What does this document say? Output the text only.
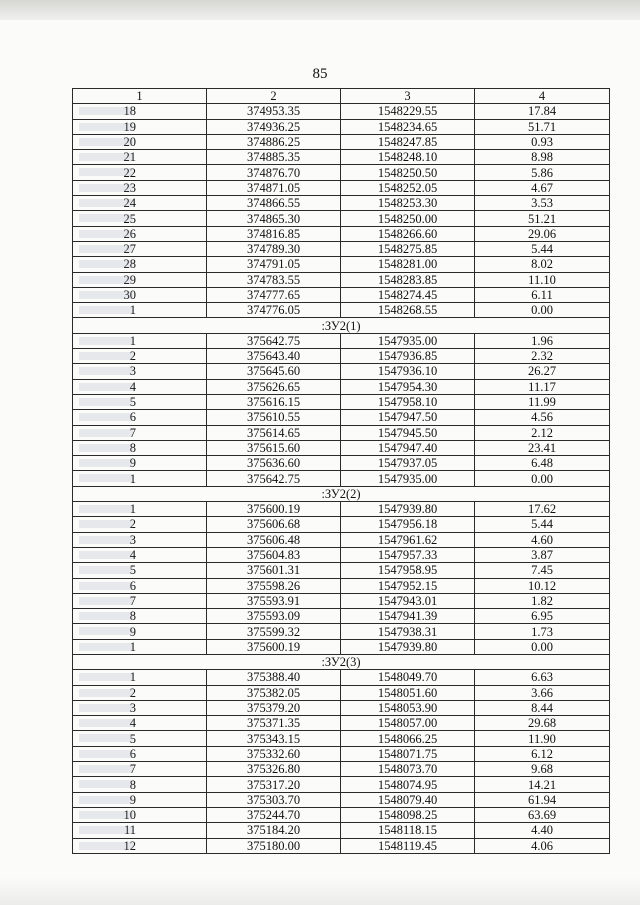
85
1	2	3	4
18	374953.35	1548229.55	17.84
19	374936.25	1548234.65	51.71
20	374886.25	1548247.85	0.93
21	374885.35	1548248.10	8.98
22	374876.70	1548250.50	5.86
23	374871.05	1548252.05	4.67
24	374866.55	1548253.30	3.53
25	374865.30	1548250.00	51.21
26	374816.85	1548266.60	29.06
27	374789.30	1548275.85	5.44
28	374791.05	1548281.00	8.02
29	374783.55	1548283.85	11.10
30	374777.65	1548274.45	6.11
1	374776.05	1548268.55	0.00
:ЗУ2(1)			
1	375642.75	1547935.00	1.96
2	375643.40	1547936.85	2.32
3	375645.60	1547936.10	26.27
4	375626.65	1547954.30	11.17
5	375616.15	1547958.10	11.99
6	375610.55	1547947.50	4.56
7	375614.65	1547945.50	2.12
8	375615.60	1547947.40	23.41
9	375636.60	1547937.05	6.48
1	375642.75	1547935.00	0.00
:ЗУ2(2)			
1	375600.19	1547939.80	17.62
2	375606.68	1547956.18	5.44
3	375606.48	1547961.62	4.60
4	375604.83	1547957.33	3.87
5	375601.31	1547958.95	7.45
6	375598.26	1547952.15	10.12
7	375593.91	1547943.01	1.82
8	375593.09	1547941.39	6.95
9	375599.32	1547938.31	1.73
1	375600.19	1547939.80	0.00
:ЗУ2(3)			
1	375388.40	1548049.70	6.63
2	375382.05	1548051.60	3.66
3	375379.20	1548053.90	8.44
4	375371.35	1548057.00	29.68
5	375343.15	1548066.25	11.90
6	375332.60	1548071.75	6.12
7	375326.80	1548073.70	9.68
8	375317.20	1548074.95	14.21
9	375303.70	1548079.40	61.94
10	375244.70	1548098.25	63.69
11	375184.20	1548118.15	4.40
12	375180.00	1548119.45	4.06
